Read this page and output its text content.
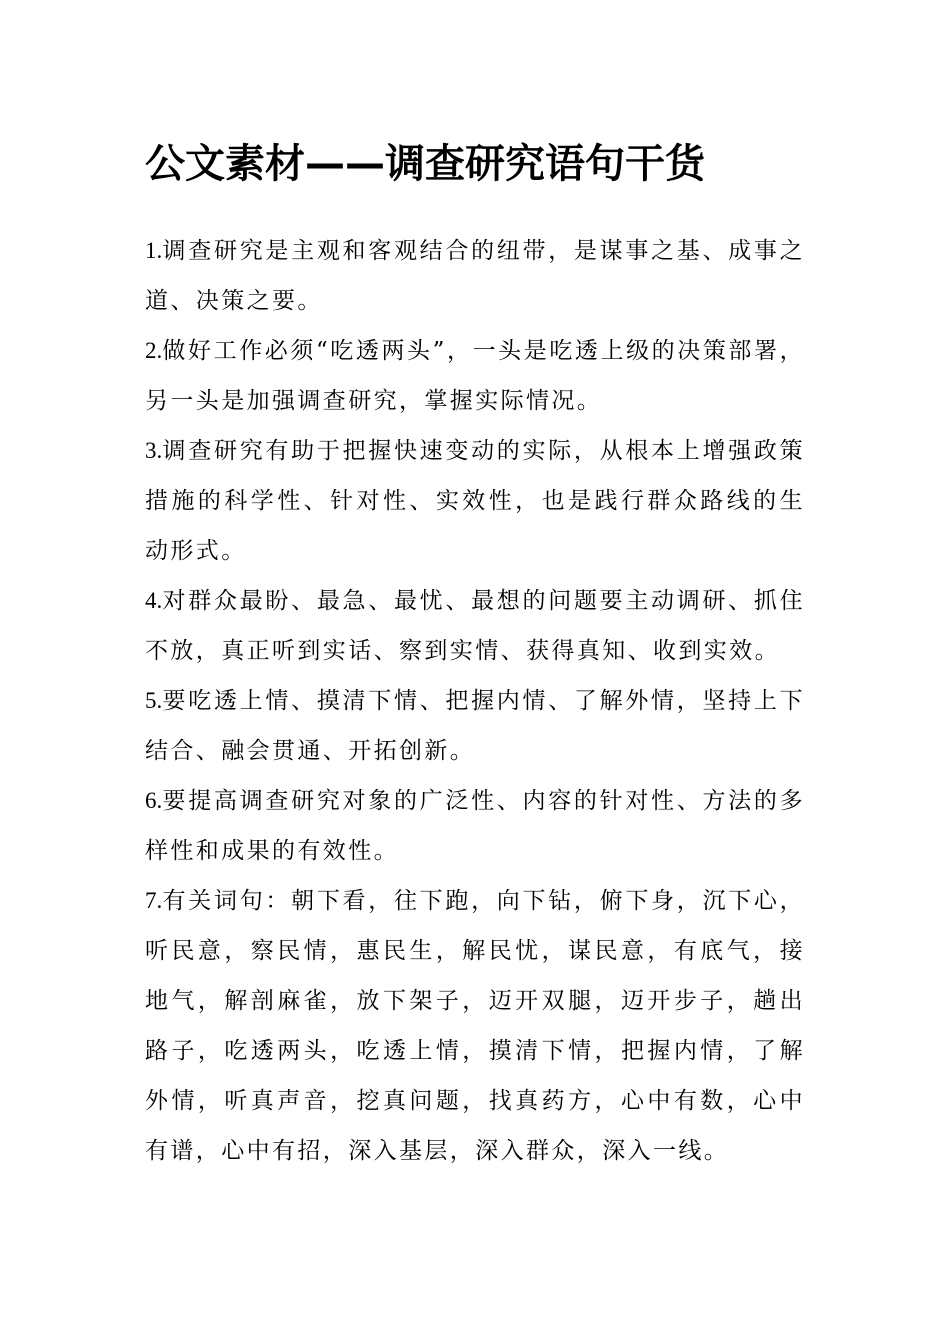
公文素材——调查研究语句干货
1.调查研究是主观和客观结合的纽带，是谋事之基、成事之道、决策之要。
2.做好工作必须“吃透两头”，一头是吃透上级的决策部署，另一头是加强调查研究，掌握实际情况。
3.调查研究有助于把握快速变动的实际，从根本上增强政策措施的科学性、针对性、实效性，也是践行群众路线的生动形式。
4.对群众最盼、最急、最忧、最想的问题要主动调研、抓住不放，真正听到实话、察到实情、获得真知、收到实效。
5.要吃透上情、摸清下情、把握内情、了解外情，坚持上下结合、融会贯通、开拓创新。
6.要提高调查研究对象的广泛性、内容的针对性、方法的多样性和成果的有效性。
7.有关词句：朝下看，往下跑，向下钻，俯下身，沉下心，听民意，察民情，惠民生，解民忧，谋民意，有底气，接地气，解剖麻雀，放下架子，迈开双腿，迈开步子，趟出路子，吃透两头，吃透上情，摸清下情，把握内情，了解外情，听真声音，挖真问题，找真药方，心中有数，心中有谱，心中有招，深入基层，深入群众，深入一线。
